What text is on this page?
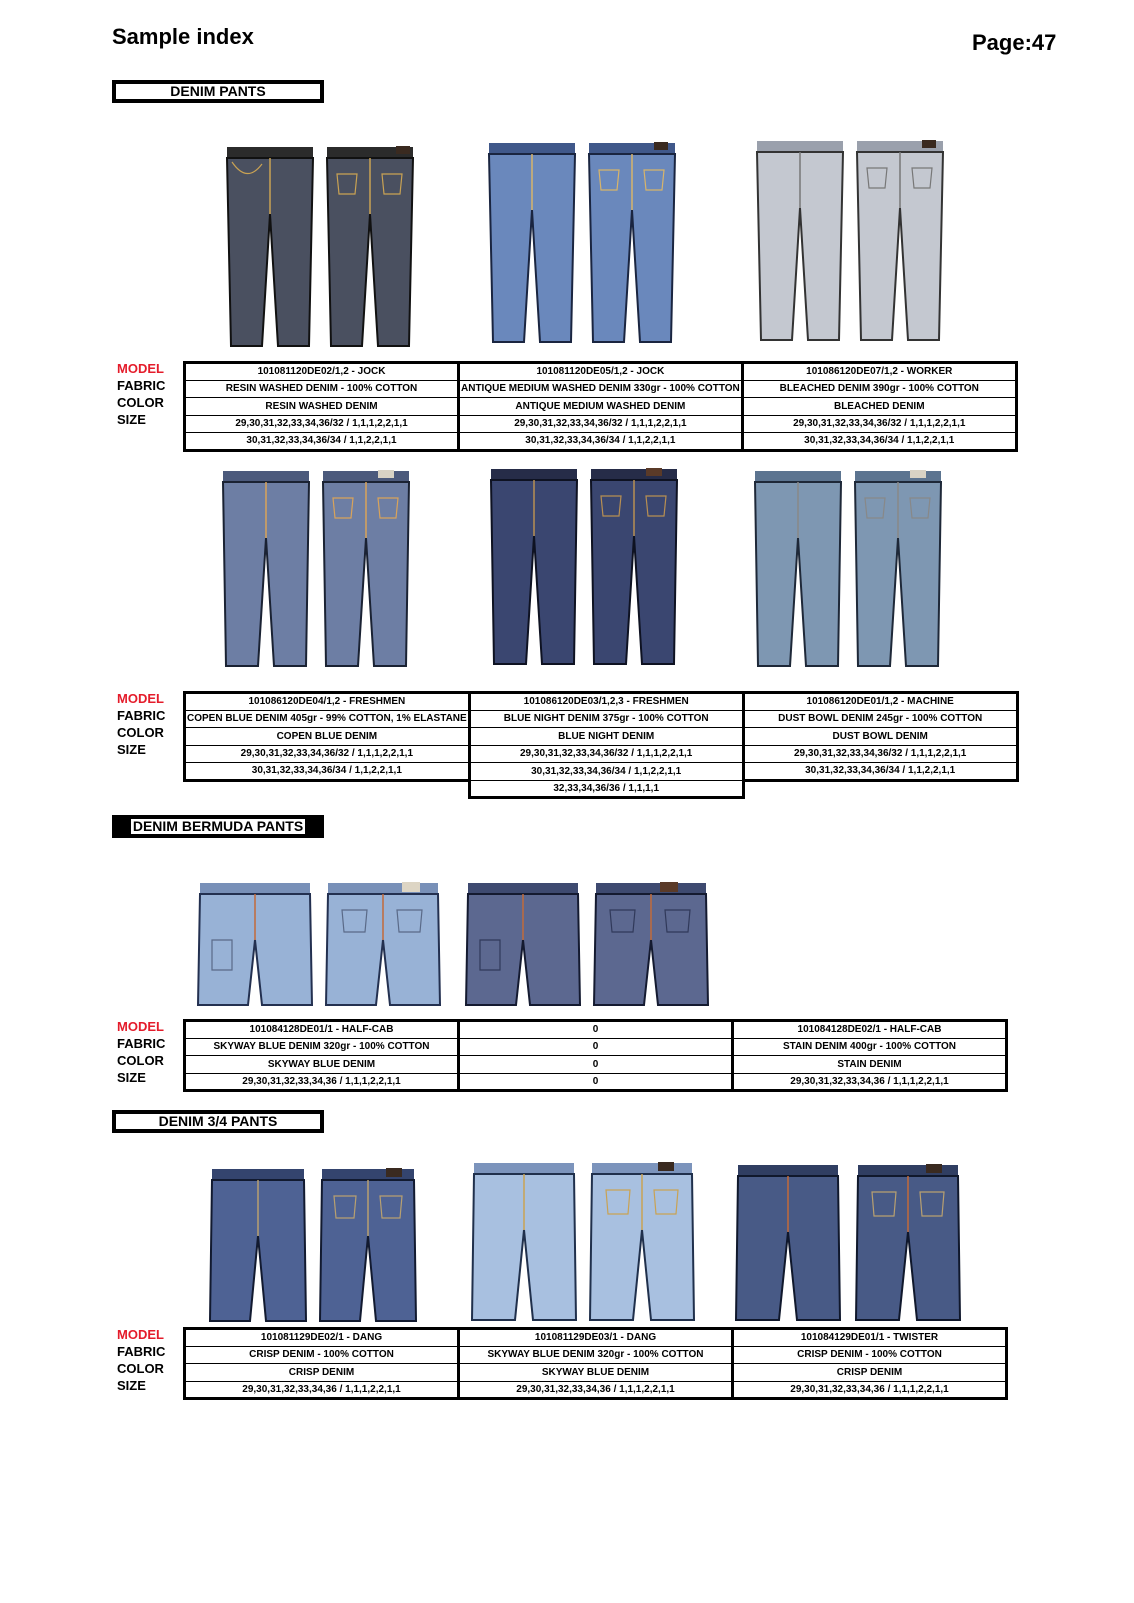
Sample index	Page:47
DENIM PANTS
MODEL
FABRIC
COLOR
SIZE
101081120DE02/1,2 - JOCK	101081120DE05/1,2 - JOCK	101086120DE07/1,2 - WORKER
RESIN WASHED DENIM - 100% COTTON	ANTIQUE MEDIUM WASHED DENIM 330gr - 100% COTTON	BLEACHED DENIM 390gr - 100% COTTON
RESIN WASHED DENIM	ANTIQUE MEDIUM WASHED DENIM	BLEACHED DENIM
29,30,31,32,33,34,36/32 / 1,1,1,2,2,1,1	29,30,31,32,33,34,36/32 / 1,1,1,2,2,1,1	29,30,31,32,33,34,36/32 / 1,1,1,2,2,1,1
30,31,32,33,34,36/34 / 1,1,2,2,1,1	30,31,32,33,34,36/34 / 1,1,2,2,1,1	30,31,32,33,34,36/34 / 1,1,2,2,1,1
MODEL
FABRIC
COLOR
SIZE
101086120DE04/1,2 - FRESHMEN	101086120DE03/1,2,3 - FRESHMEN	101086120DE01/1,2 - MACHINE
COPEN BLUE DENIM 405gr - 99% COTTON, 1% ELASTANE	BLUE NIGHT DENIM 375gr - 100% COTTON	DUST BOWL DENIM 245gr - 100% COTTON
COPEN BLUE DENIM	BLUE NIGHT DENIM	DUST BOWL DENIM
29,30,31,32,33,34,36/32 / 1,1,1,2,2,1,1	29,30,31,32,33,34,36/32 / 1,1,1,2,2,1,1	29,30,31,32,33,34,36/32 / 1,1,1,2,2,1,1
30,31,32,33,34,36/34 / 1,1,2,2,1,1	30,31,32,33,34,36/34 / 1,1,2,2,1,1	30,31,32,33,34,36/34 / 1,1,2,2,1,1
	32,33,34,36/36 / 1,1,1,1	
DENIM BERMUDA PANTS
MODEL
FABRIC
COLOR
SIZE
101084128DE01/1 - HALF-CAB	0	101084128DE02/1 - HALF-CAB
SKYWAY BLUE DENIM 320gr - 100% COTTON	0	STAIN DENIM 400gr - 100% COTTON
SKYWAY BLUE DENIM	0	STAIN DENIM
29,30,31,32,33,34,36 / 1,1,1,2,2,1,1	0	29,30,31,32,33,34,36 / 1,1,1,2,2,1,1
DENIM 3/4 PANTS
MODEL
FABRIC
COLOR
SIZE
101081129DE02/1 - DANG	101081129DE03/1 - DANG	101084129DE01/1 - TWISTER
CRISP DENIM - 100% COTTON	SKYWAY BLUE DENIM 320gr - 100% COTTON	CRISP DENIM - 100% COTTON
CRISP DENIM	SKYWAY BLUE DENIM	CRISP DENIM
29,30,31,32,33,34,36 / 1,1,1,2,2,1,1	29,30,31,32,33,34,36 / 1,1,1,2,2,1,1	29,30,31,32,33,34,36 / 1,1,1,2,2,1,1
